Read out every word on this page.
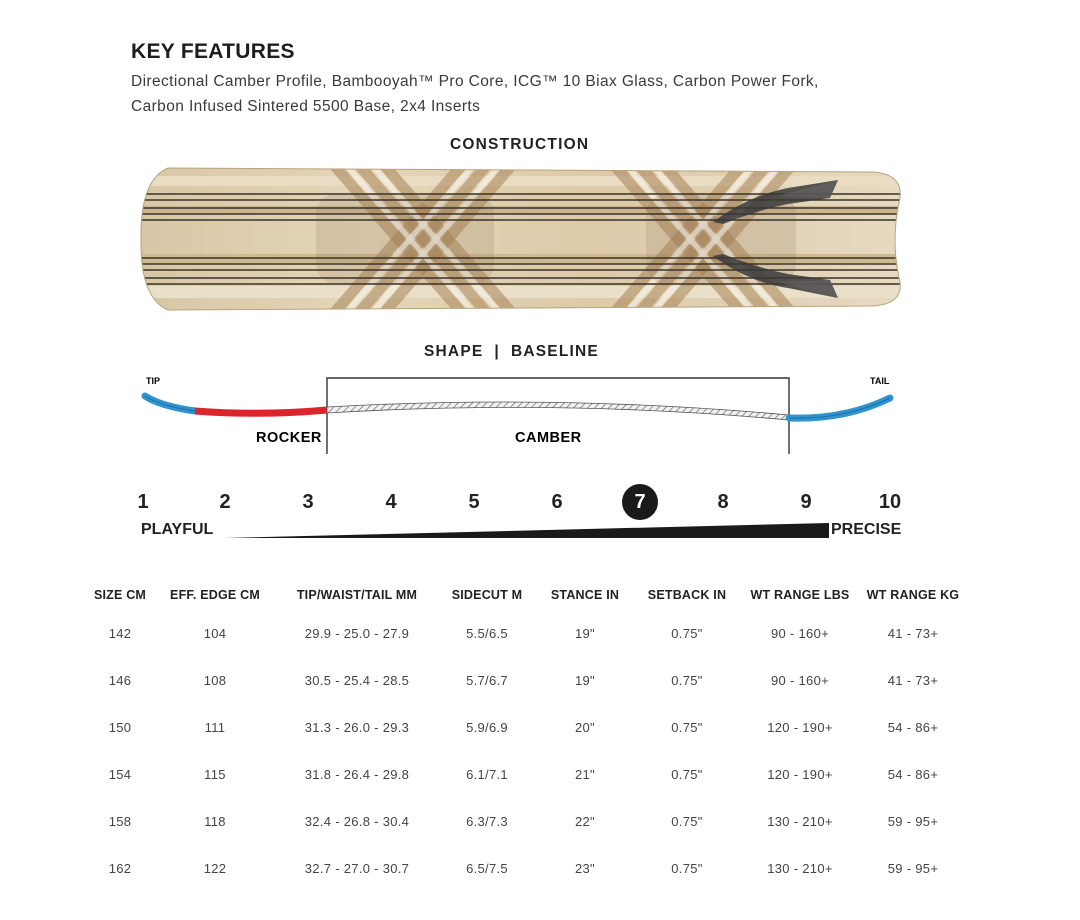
KEY FEATURES
Directional Camber Profile, Bambooyah™ Pro Core, ICG™ 10 Biax Glass, Carbon Power Fork,
Carbon Infused Sintered 5500 Base, 2x4 Inserts
CONSTRUCTION
SHAPE  |  BASELINE
TIP	TAIL
ROCKER	CAMBER
1	2	3	4	5	6	7	8	9	10
PLAYFUL	PRECISE
SIZE CM	EFF. EDGE CM	TIP/WAIST/TAIL MM	SIDECUT M	STANCE IN	SETBACK IN	WT RANGE LBS	WT RANGE KG
142	104	29.9 - 25.0 - 27.9	5.5/6.5	19"	0.75"	90 - 160+	41 - 73+
146	108	30.5 - 25.4 - 28.5	5.7/6.7	19"	0.75"	90 - 160+	41 - 73+
150	111	31.3 - 26.0 - 29.3	5.9/6.9	20"	0.75"	120 - 190+	54 - 86+
154	115	31.8 - 26.4 - 29.8	6.1/7.1	21"	0.75"	120 - 190+	54 - 86+
158	118	32.4 - 26.8 - 30.4	6.3/7.3	22"	0.75"	130 - 210+	59 - 95+
162	122	32.7 - 27.0 - 30.7	6.5/7.5	23"	0.75"	130 - 210+	59 - 95+
